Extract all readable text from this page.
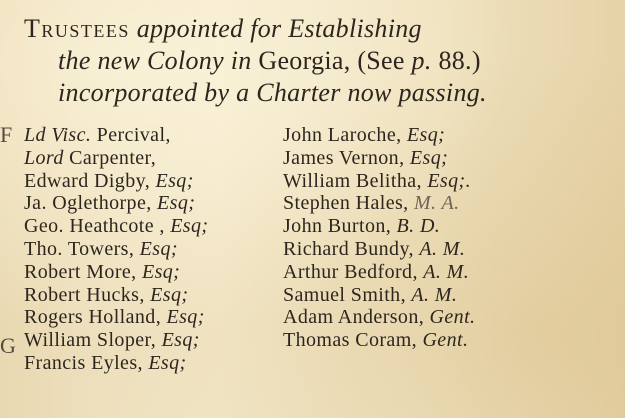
F
G
Trustees appointed for Establishing
the new Colony in Georgia, (See p. 88.)
incorporated by a Charter now passing.
Ld Visc. Percival,
Lord Carpenter,
Edward Digby, Esq;
Ja. Oglethorpe, Esq;
Geo. Heathcote , Esq;
Tho. Towers, Esq;
Robert More, Esq;
Robert Hucks, Esq;
Rogers Holland, Esq;
William Sloper, Esq;
Francis Eyles, Esq;
John Laroche, Esq;
James Vernon, Esq;
William Belitha, Esq;.
Stephen Hales, M. A.
John Burton, B. D.
Richard Bundy, A. M.
Arthur Bedford, A. M.
Samuel Smith, A. M.
Adam Anderson, Gent.
Thomas Coram, Gent.
